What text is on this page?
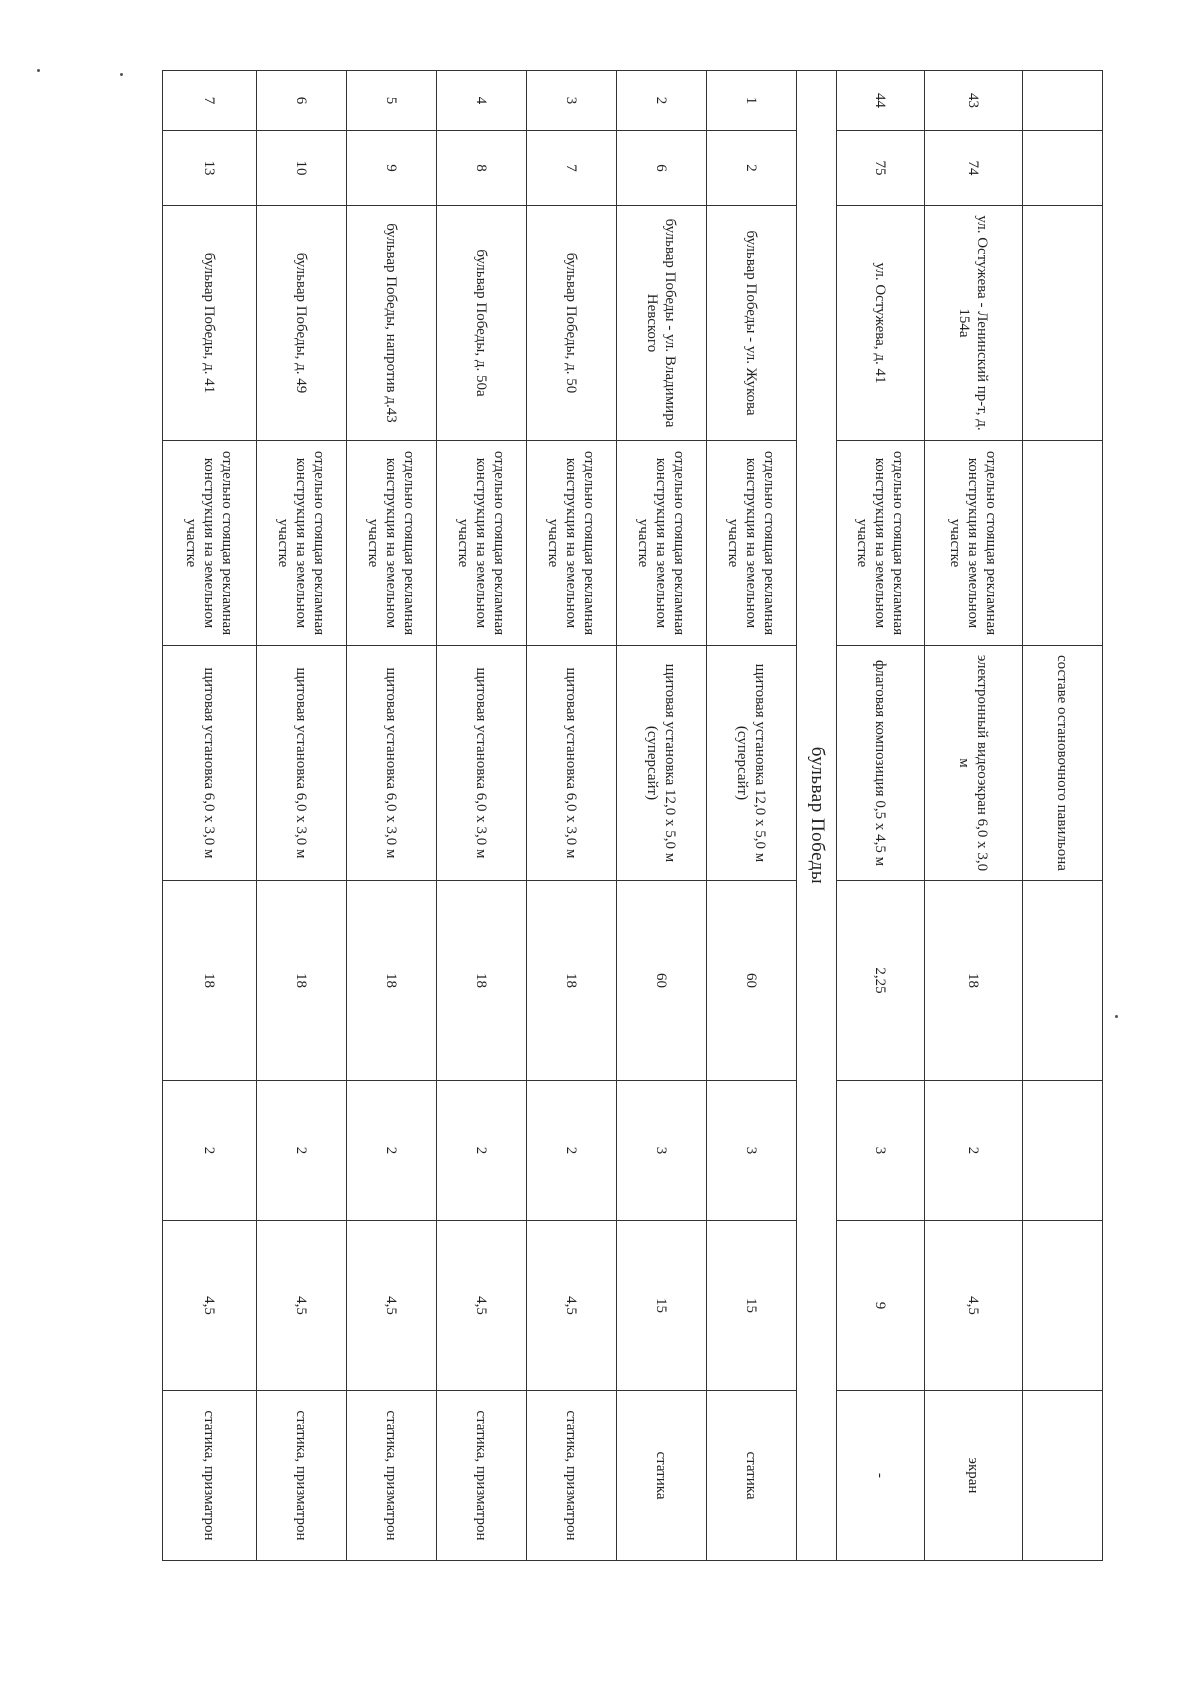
				составе остановочного павильона				
43	74	ул. Остужева - Ленинский пр-т, д. 154а	отдельно стоящая рекламная конструкция на земельном участке	электронный видеоэкран 6,0 х 3,0 м	18	2	4,5	экран
44	75	ул. Остужева, д. 41	отдельно стоящая рекламная конструкция на земельном участке	флаговая композиция 0,5 х 4,5 м	2,25	3	9	-
бульвар Победы								
1	2	бульвар Победы - ул. Жукова	отдельно стоящая рекламная конструкция на земельном участке	щитовая установка 12,0 х 5,0 м (суперсайт)	60	3	15	статика
2	6	бульвар Победы - ул. Владимира Невского	отдельно стоящая рекламная конструкция на земельном участке	щитовая установка 12,0 х 5,0 м (суперсайт)	60	3	15	статика
3	7	бульвар Победы, д. 50	отдельно стоящая рекламная конструкция на земельном участке	щитовая установка 6,0 х 3,0 м	18	2	4,5	статика, призматрон
4	8	бульвар Победы, д. 50а	отдельно стоящая рекламная конструкция на земельном участке	щитовая установка 6,0 х 3,0 м	18	2	4,5	статика, призматрон
5	9	бульвар Победы, напротив д.43	отдельно стоящая рекламная конструкция на земельном участке	щитовая установка 6,0 х 3,0 м	18	2	4,5	статика, призматрон
6	10	бульвар Победы, д. 49	отдельно стоящая рекламная конструкция на земельном участке	щитовая установка 6,0 х 3,0 м	18	2	4,5	статика, призматрон
7	13	бульвар Победы, д. 41	отдельно стоящая рекламная конструкция на земельном участке	щитовая установка 6,0 х 3,0 м	18	2	4,5	статика, призматрон
